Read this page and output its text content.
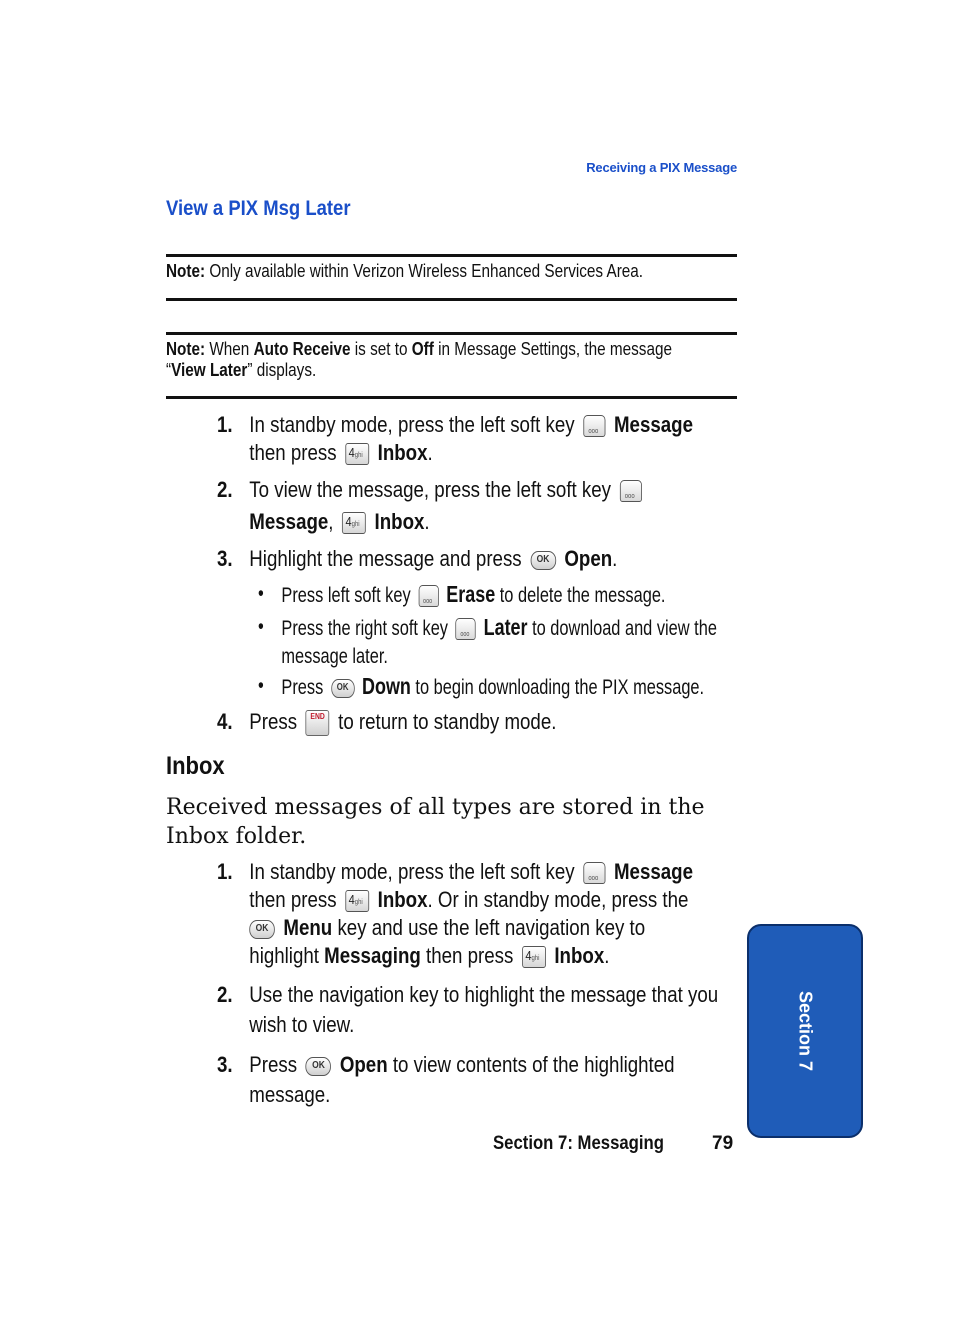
Receiving a PIX Message
View a PIX Msg Later
Note: Only available within Verizon Wireless Enhanced Services Area.
Note: When Auto Receive is set to Off in Message Settings, the message
“View Later” displays.
1. In standby mode, press the left soft key ooo Message
then press 4ghi Inbox.
2. To view the message, press the left soft key ooo

Message, 4ghi Inbox.
3. Highlight the message and press OK Open.
• Press left soft key ooo Erase to delete the message.
• Press the right soft key ooo Later to download and view the
message later.
• Press OK Down to begin downloading the PIX message.
4. Press END to return to standby mode.
Inbox
Received messages of all types are stored in the Inbox folder.
1. In standby mode, press the left soft key ooo Message
then press 4ghi Inbox. Or in standby mode, press the
OK Menu key and use the left navigation key to
highlight Messaging then press 4ghi Inbox.
2. Use the navigation key to highlight the message that you
wish to view.
3. Press OK Open to view contents of the highlighted
message.
Section 7: Messaging	79
Section 7
